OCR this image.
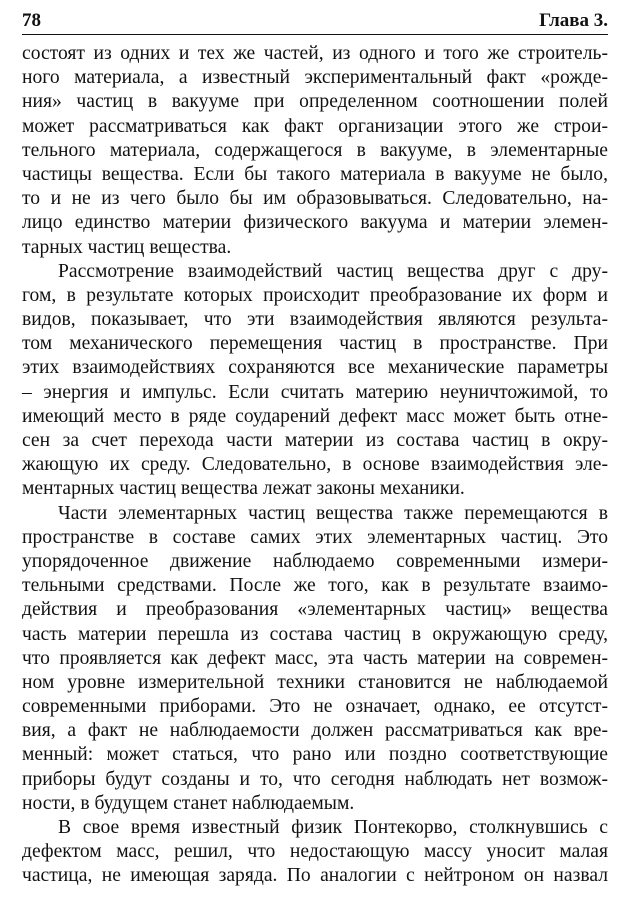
78	Глава 3.
состоят из одних и тех же частей, из одного и того же строитель-
ного материала, а известный экспериментальный факт «рожде-
ния» частиц в вакууме при определенном соотношении полей
может рассматриваться как факт организации этого же строи-
тельного материала, содержащегося в вакууме, в элементарные
частицы вещества. Если бы такого материала в вакууме не было,
то и не из чего было бы им образовываться. Следовательно, на-
лицо единство материи физического вакуума и материи элемен-
тарных частиц вещества.
Рассмотрение взаимодействий частиц вещества друг с дру-
гом, в результате которых происходит преобразование их форм и
видов, показывает, что эти взаимодействия являются результа-
том механического перемещения частиц в пространстве. При
этих взаимодействиях сохраняются все механические параметры
– энергия и импульс. Если считать материю неуничтожимой, то
имеющий место в ряде соударений дефект масс может быть отне-
сен за счет перехода части материи из состава частиц в окру-
жающую их среду. Следовательно, в основе взаимодействия эле-
ментарных частиц вещества лежат законы механики.
Части элементарных частиц вещества также перемещаются в
пространстве в составе самих этих элементарных частиц. Это
упорядоченное движение наблюдаемо современными измери-
тельными средствами. После же того, как в результате взаимо-
действия и преобразования «элементарных частиц» вещества
часть материи перешла из состава частиц в окружающую среду,
что проявляется как дефект масс, эта часть материи на современ-
ном уровне измерительной техники становится не наблюдаемой
современными приборами. Это не означает, однако, ее отсутст-
вия, а факт не наблюдаемости должен рассматриваться как вре-
менный: может статься, что рано или поздно соответствующие
приборы будут созданы и то, что сегодня наблюдать нет возмож-
ности, в будущем станет наблюдаемым.
В свое время известный физик Понтекорво, столкнувшись с
дефектом масс, решил, что недостающую массу уносит малая
частица, не имеющая заряда. По аналогии с нейтроном он назвал
